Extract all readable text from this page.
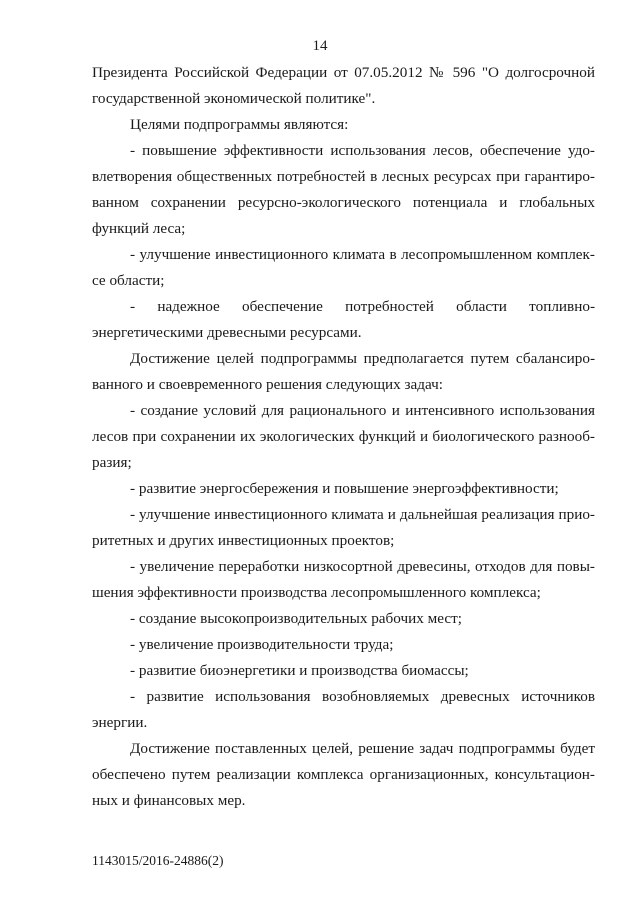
14
Президента Российской Федерации от 07.05.2012 № 596 "О долгосрочной
государственной экономической политике".
Целями подпрограммы являются:
- повышение эффективности использования лесов, обеспечение удо-
влетворения общественных потребностей в лесных ресурсах при гарантиро-
ванном сохранении ресурсно-экологического потенциала и глобальных
функций леса;
- улучшение инвестиционного климата в лесопромышленном комплек-
се области;
- надежное обеспечение потребностей области топливно-
энергетическими древесными ресурсами.
Достижение целей подпрограммы предполагается путем сбалансиро-
ванного и своевременного решения следующих задач:
- создание условий для рационального и интенсивного использования
лесов при сохранении их экологических функций и биологического разнооб-
разия;
- развитие энергосбережения и повышение энергоэффективности;
- улучшение инвестиционного климата и дальнейшая реализация прио-
ритетных и других инвестиционных проектов;
- увеличение переработки низкосортной древесины, отходов для повы-
шения эффективности производства лесопромышленного комплекса;
- создание высокопроизводительных рабочих мест;
- увеличение производительности труда;
- развитие биоэнергетики и производства биомассы;
- развитие использования возобновляемых древесных источников
энергии.
Достижение поставленных целей, решение задач подпрограммы будет
обеспечено путем реализации комплекса организационных, консультацион-
ных и финансовых мер.
1143015/2016-24886(2)
